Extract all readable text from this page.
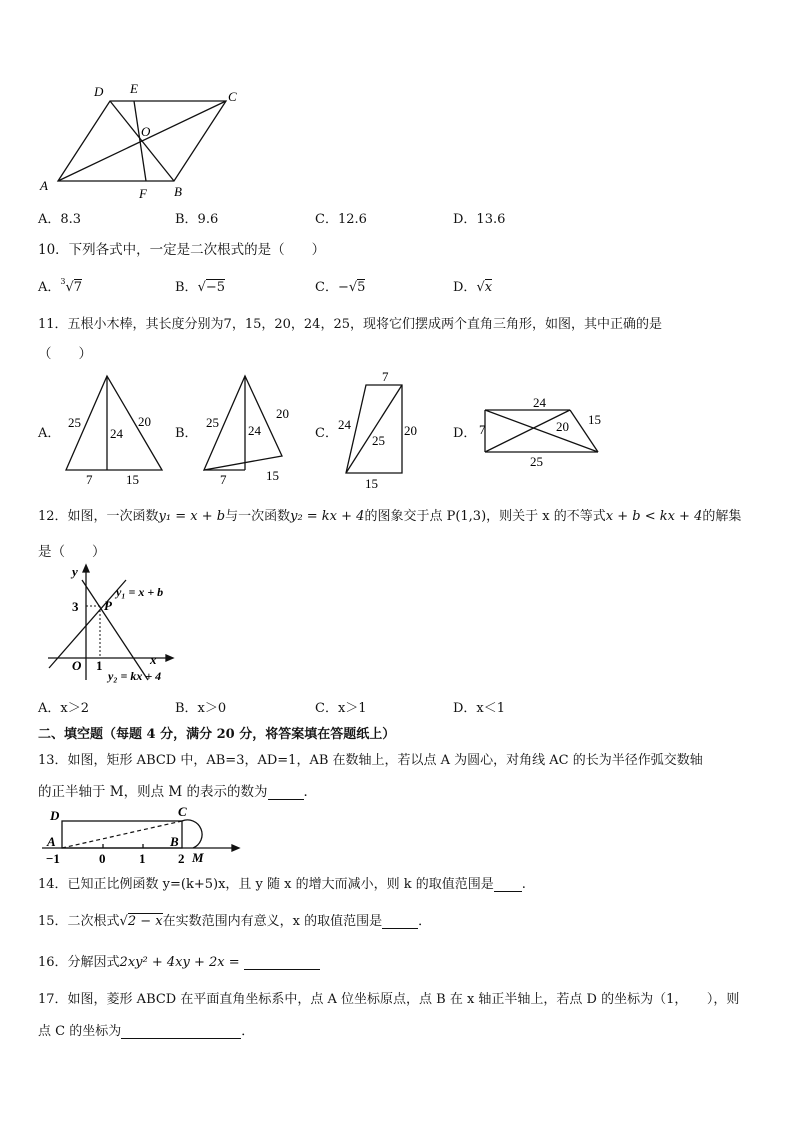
D E
C
O
A
F B
A．8.3	B．9.6	C．12.6	D．13.6
10．下列各式中，一定是二次根式的是（　　）
A．$^3$√7	B．√−5	C．−√5	D．√x
11．五根小木棒，其长度分别为7，15，20，24，25，现将它们摆成两个直角三角形，如图，其中正确的是
（　　）
A．
25
24
20
7	15
B．
25
24
20
7	15
C．
7
24
25
20
15
D． 7
24
20 15
25
12．如图，一次函数y₁ = x + b与一次函数y₂ = kx + 4的图象交于点 P(1,3)，则关于 x 的不等式x + b < kx + 4的解集
是（　　）
y
x
O
P
3
1
y₁ = x + b
y₂ = kx + 4
A．x＞2	B．x＞0	C．x＞1	D．x＜1
二、填空题（每题 4 分，满分 20 分，将答案填在答题纸上）
13．如图，矩形 ABCD 中，AB=3，AD=1，AB 在数轴上，若以点 A 为圆心，对角线 AC 的长为半径作弧交数轴
的正半轴于 M，则点 M 的表示的数为	．
D	C
A	B
M
−1	0	1	2
14．已知正比例函数 y=(k+5)x，且 y 随 x 的增大而减小，则 k 的取值范围是 .
15．二次根式√2 − x在实数范围内有意义，x 的取值范围是	．
16．分解因式2xy² + 4xy + 2x =
17．如图，菱形 ABCD 在平面直角坐标系中，点 A 位坐标原点，点 B 在 x 轴正半轴上，若点 D 的坐标为（1，　　），则
点 C 的坐标为	．
